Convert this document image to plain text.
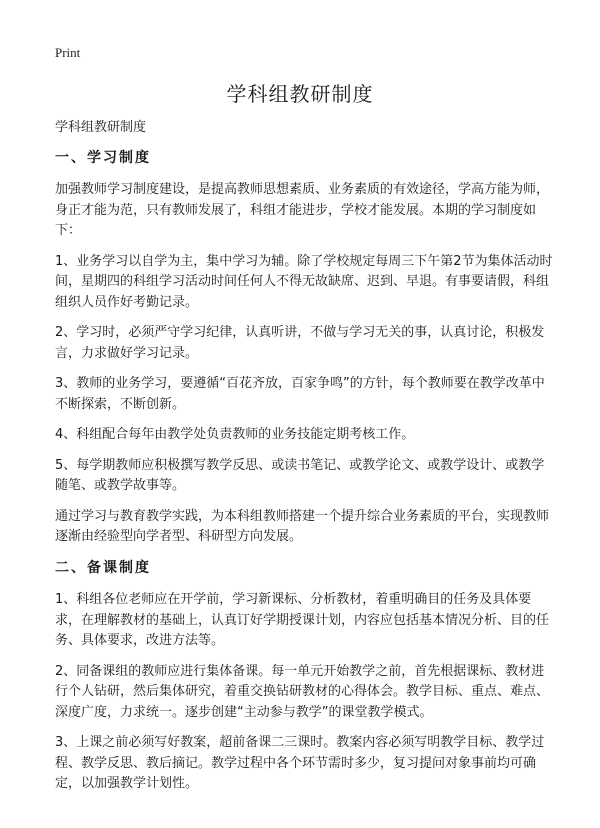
Print
学科组教研制度

学科组教研制度

一、学习制度

加强教师学习制度建设，是提高教师思想素质、业务素质的有效途径，学高方能为师，身正才能为范，只有教师发展了，科组才能进步，学校才能发展。本期的学习制度如下：

1、业务学习以自学为主，集中学习为辅。除了学校规定每周三下午第2节为集体活动时间，星期四的科组学习活动时间任何人不得无故缺席、迟到、早退。有事要请假，科组组织人员作好考勤记录。

2、学习时，必须严守学习纪律，认真听讲，不做与学习无关的事，认真讨论，积极发言，力求做好学习记录。

3、教师的业务学习，要遵循“百花齐放，百家争鸣”的方针，每个教师要在教学改革中不断探索，不断创新。

4、科组配合每年由教学处负责教师的业务技能定期考核工作。

5、每学期教师应积极撰写教学反思、或读书笔记、或教学论文、或教学设计、或教学随笔、或教学故事等。

通过学习与教育教学实践，为本科组教师搭建一个提升综合业务素质的平台，实现教师逐渐由经验型向学者型、科研型方向发展。

二、备课制度

1、科组各位老师应在开学前，学习新课标、分析教材，着重明确目的任务及具体要求，在理解教材的基础上，认真订好学期授课计划，内容应包括基本情况分析、目的任务、具体要求，改进方法等。

2、同备课组的教师应进行集体备课。每一单元开始教学之前，首先根据课标、教材进行个人钻研，然后集体研究，着重交换钻研教材的心得体会。教学目标、重点、难点、深度广度，力求统一。逐步创建“主动参与教学”的课堂教学模式。

3、上课之前必须写好教案，超前备课二三课时。教案内容必须写明教学目标、教学过程、教学反思、教后摘记。教学过程中各个环节需时多少，复习提问对象事前均可确定，以加强教学计划性。
